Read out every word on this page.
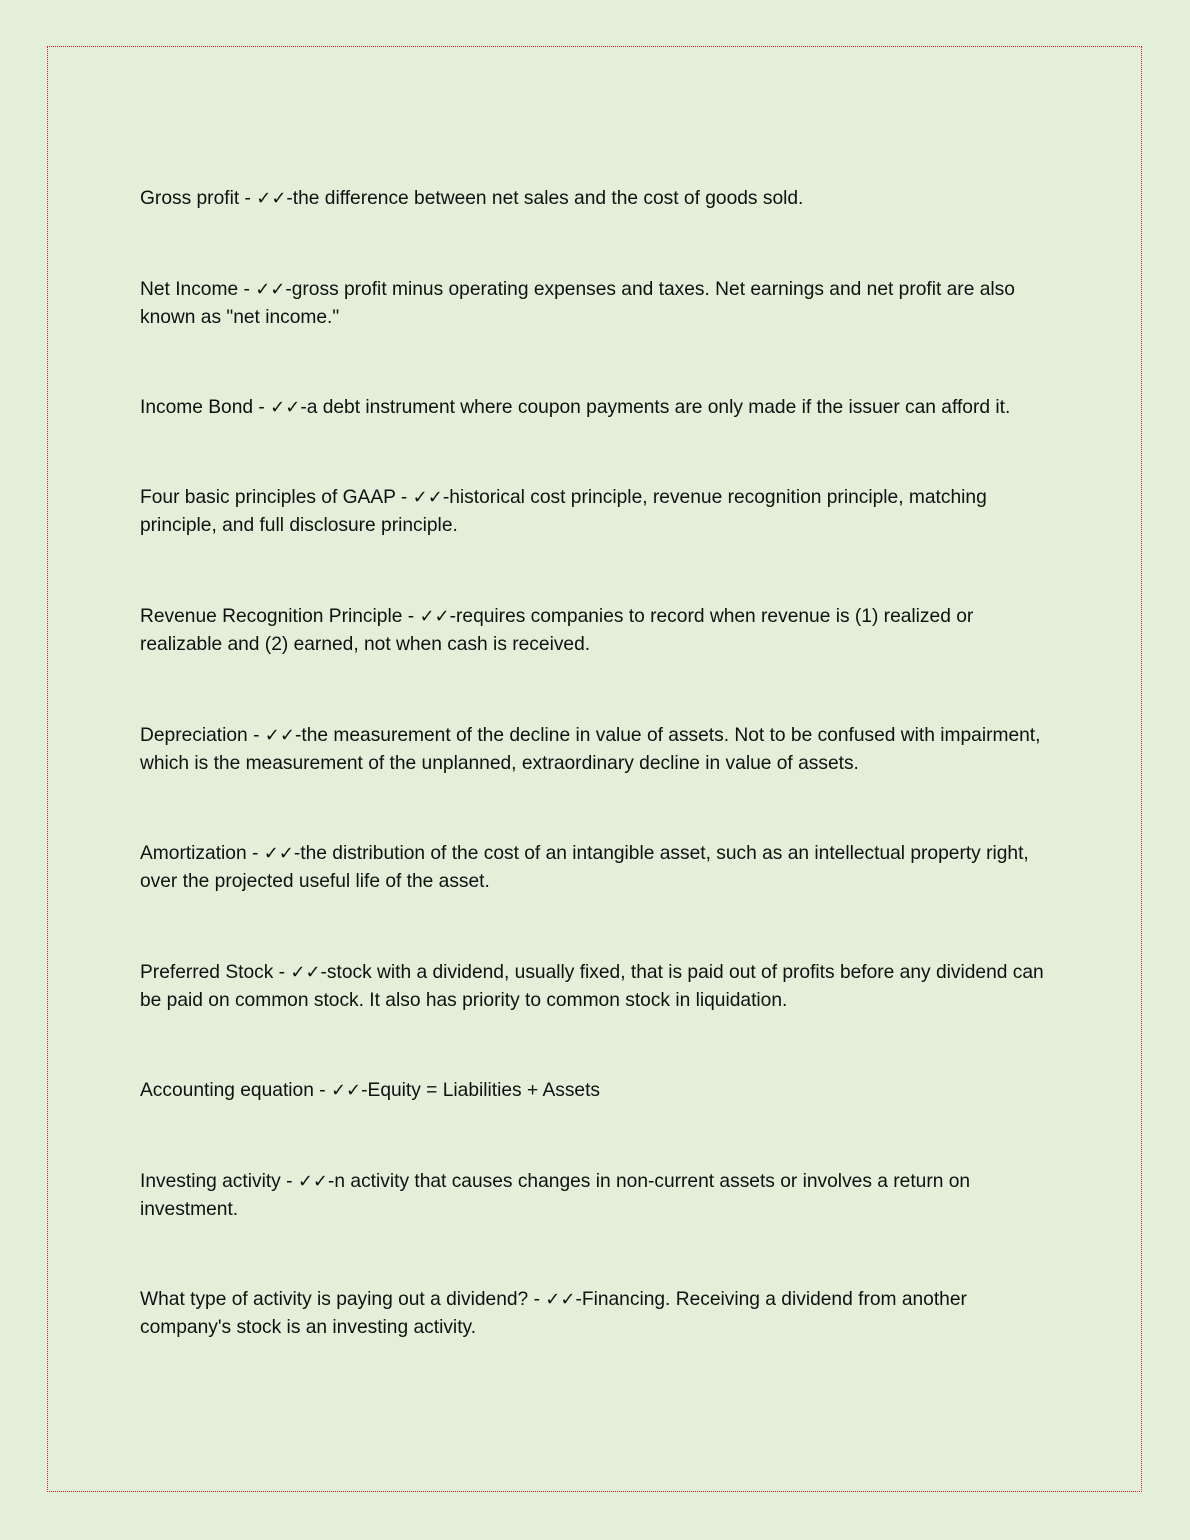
Gross profit - ✓✓-the difference between net sales and the cost of goods sold.

Net Income - ✓✓-gross profit minus operating expenses and taxes. Net earnings and net profit are also known as "net income."

Income Bond - ✓✓-a debt instrument where coupon payments are only made if the issuer can afford it.

Four basic principles of GAAP - ✓✓-historical cost principle, revenue recognition principle, matching principle, and full disclosure principle.

Revenue Recognition Principle - ✓✓-requires companies to record when revenue is (1) realized or realizable and (2) earned, not when cash is received.

Depreciation - ✓✓-the measurement of the decline in value of assets. Not to be confused with impairment, which is the measurement of the unplanned, extraordinary decline in value of assets.

Amortization - ✓✓-the distribution of the cost of an intangible asset, such as an intellectual property right, over the projected useful life of the asset.

Preferred Stock - ✓✓-stock with a dividend, usually fixed, that is paid out of profits before any dividend can be paid on common stock. It also has priority to common stock in liquidation.

Accounting equation - ✓✓-Equity = Liabilities + Assets

Investing activity - ✓✓-n activity that causes changes in non-current assets or involves a return on investment.

What type of activity is paying out a dividend? - ✓✓-Financing. Receiving a dividend from another company's stock is an investing activity.
